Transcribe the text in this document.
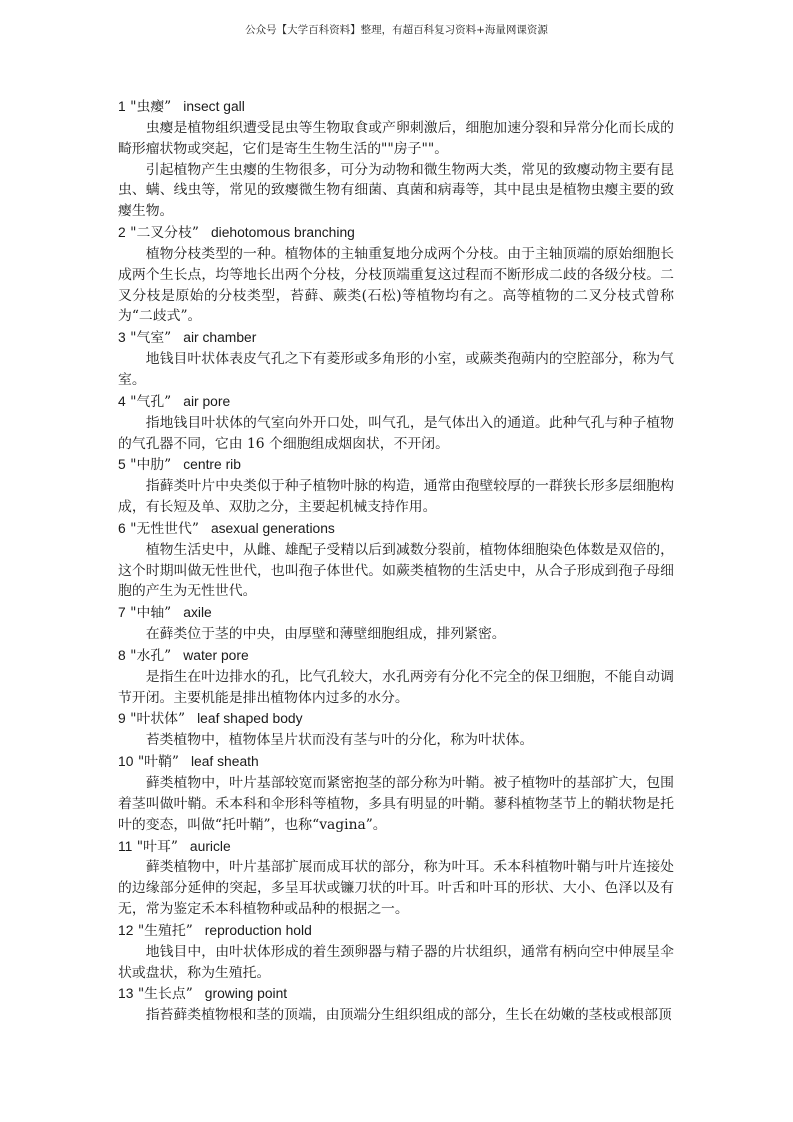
公众号【大学百科资料】整理，有超百科复习资料+海量网课资源

1 "虫瘿” insect gall

虫瘿是植物组织遭受昆虫等生物取食或产卵刺激后，细胞加速分裂和异常分化而长成的畸形瘤状物或突起，它们是寄生生物生活的""房子""。

引起植物产生虫瘿的生物很多，可分为动物和微生物两大类，常见的致瘿动物主要有昆虫、螨、线虫等，常见的致瘿微生物有细菌、真菌和病毒等，其中昆虫是植物虫瘿主要的致瘿生物。

2 "二叉分枝” diehotomous branching

植物分枝类型的一种。植物体的主轴重复地分成两个分枝。由于主轴顶端的原始细胞长成两个生长点，均等地长出两个分枝，分枝顶端重复这过程而不断形成二歧的各级分枝。二叉分枝是原始的分枝类型，苔藓、蕨类(石松)等植物均有之。高等植物的二叉分枝式曾称为“二歧式”。

3 "气室” air chamber

地钱目叶状体表皮气孔之下有菱形或多角形的小室，或蕨类孢蒴内的空腔部分，称为气室。

4 "气孔” air pore

指地钱目叶状体的气室向外开口处，叫气孔，是气体出入的通道。此种气孔与种子植物的气孔器不同，它由 16 个细胞组成烟囱状，不开闭。

5 "中肋” centre rib

指藓类叶片中央类似于种子植物叶脉的构造，通常由孢壁较厚的一群狭长形多层细胞构成，有长短及单、双肋之分，主要起机械支持作用。

6 "无性世代” asexual generations

植物生活史中，从雌、雄配子受精以后到减数分裂前，植物体细胞染色体数是双倍的，这个时期叫做无性世代，也叫孢子体世代。如蕨类植物的生活史中，从合子形成到孢子母细胞的产生为无性世代。

7 "中轴” axile

在藓类位于茎的中央，由厚壁和薄壁细胞组成，排列紧密。

8 "水孔” water pore

是指生在叶边排水的孔，比气孔较大，水孔两旁有分化不完全的保卫细胞，不能自动调节开闭。主要机能是排出植物体内过多的水分。

9 "叶状体” leaf shaped body

苔类植物中，植物体呈片状而没有茎与叶的分化，称为叶状体。

10 "叶鞘” leaf sheath

藓类植物中，叶片基部较宽而紧密抱茎的部分称为叶鞘。被子植物叶的基部扩大，包围着茎叫做叶鞘。禾本科和伞形科等植物，多具有明显的叶鞘。蓼科植物茎节上的鞘状物是托叶的变态，叫做“托叶鞘”，也称“vagina”。

11 "叶耳” auricle

藓类植物中，叶片基部扩展而成耳状的部分，称为叶耳。禾本科植物叶鞘与叶片连接处的边缘部分延伸的突起，多呈耳状或镰刀状的叶耳。叶舌和叶耳的形状、大小、色泽以及有无，常为鉴定禾本科植物种或品种的根据之一。

12 "生殖托” reproduction hold

地钱目中，由叶状体形成的着生颈卵器与精子器的片状组织，通常有柄向空中伸展呈伞状或盘状，称为生殖托。

13 "生长点” growing point

指苔藓类植物根和茎的顶端，由顶端分生组织组成的部分，生长在幼嫩的茎枝或根部顶
